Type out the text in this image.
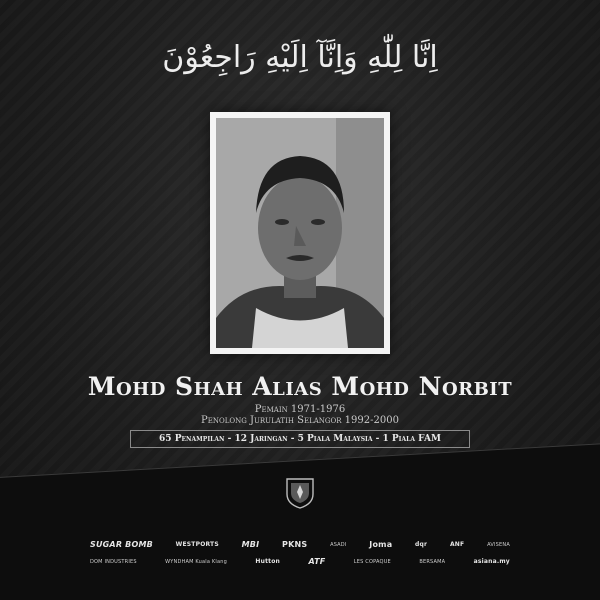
اِنَّا لِلّٰهِ وَاِنَّآ اِلَيْهِ رَاجِعُوْنَ
Mohd Shah Alias Mohd Norbit
Pemain 1971-1976
Penolong Jurulatih Selangor 1992-2000
65 Penampilan - 12 Jaringan - 5 Piala Malaysia - 1 Piala FAM
SUGAR BOMB	WESTPORTS	MBI	PKNS	ASADI	Joma	dqr	ANF	AVISENA
DOM INDUSTRIES	WYNDHAM Kuala Klang	Hutton	ATF	LES COPAQUE	BERSAMA	asiana.my
